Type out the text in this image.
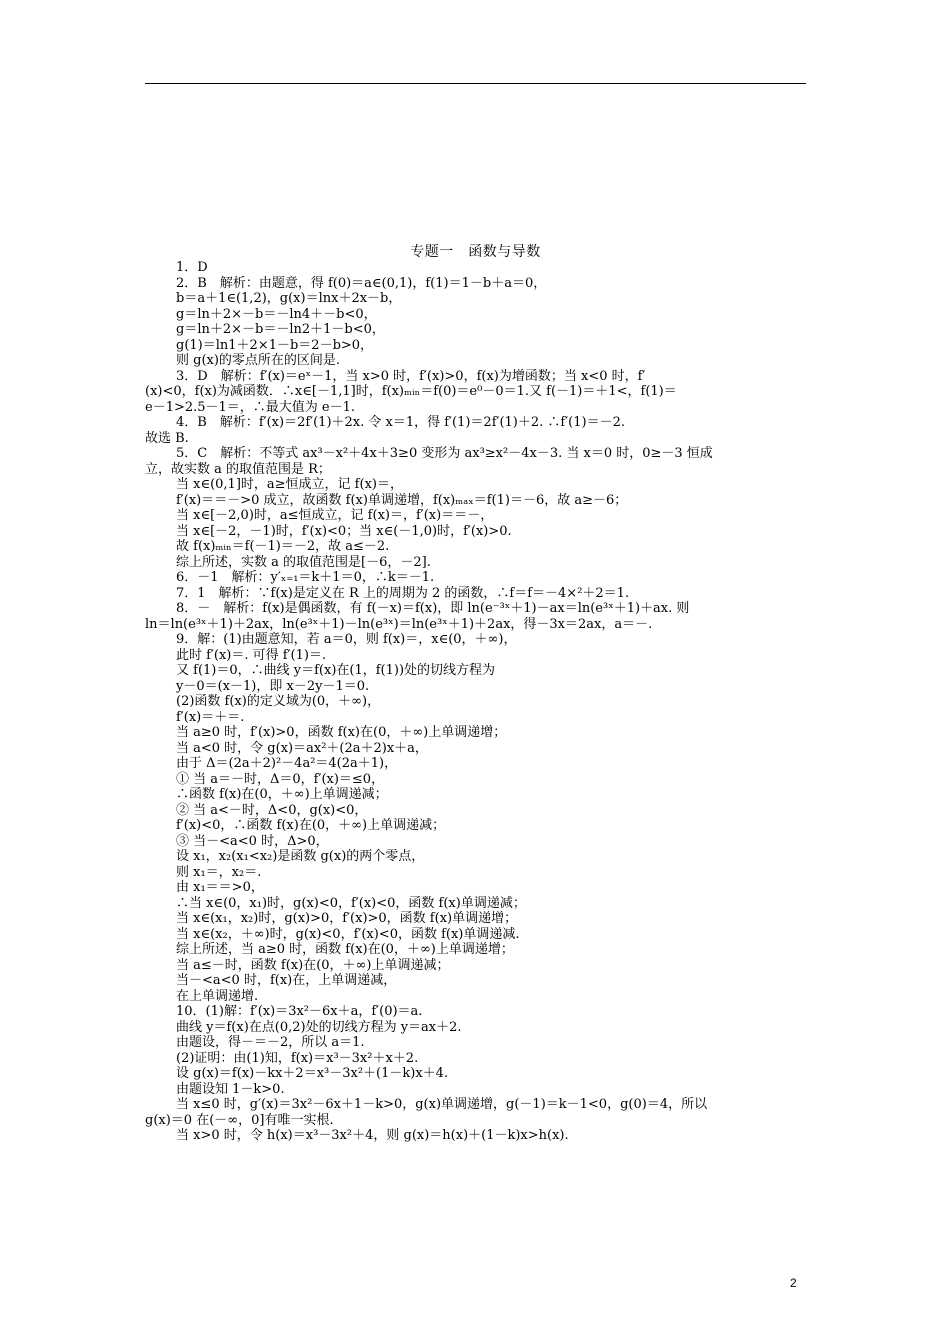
专题一　函数与导数

1．D

2．B　解析：由题意，得 f(0)＝a∈(0,1)，f(1)＝1－b＋a＝0，

b＝a＋1∈(1,2)，g(x)＝lnx＋2x－b，

g＝ln＋2×－b＝－ln4＋－b<0，

g＝ln＋2×－b＝－ln2＋1－b<0，

g(1)＝ln1＋2×1－b＝2－b>0，

则 g(x)的零点所在的区间是.

3．D　解析：f′(x)＝eˣ－1，当 x>0 时，f′(x)>0，f(x)为增函数；当 x<0 时，f′

(x)<0，f(x)为减函数．∴x∈[－1,1]时，f(x)ₘᵢₙ＝f(0)＝e⁰－0＝1.又 f(－1)＝＋1<，f(1)＝

e－1>2.5－1＝，∴最大值为 e－1.

4．B　解析：f′(x)＝2f′(1)＋2x. 令 x＝1，得 f′(1)＝2f′(1)＋2. ∴f′(1)＝－2.

故选 B.

5．C　解析：不等式 ax³－x²＋4x＋3≥0 变形为 ax³≥x²－4x－3. 当 x＝0 时，0≥－3 恒成

立，故实数 a 的取值范围是 R；

当 x∈(0,1]时，a≥恒成立，记 f(x)＝，

f′(x)＝＝－>0 成立，故函数 f(x)单调递增，f(x)ₘₐₓ＝f(1)＝－6，故 a≥－6；

当 x∈[－2,0)时，a≤恒成立，记 f(x)＝，f′(x)＝＝－，

当 x∈[－2，－1)时，f′(x)<0；当 x∈(－1,0)时，f′(x)>0.

故 f(x)ₘᵢₙ＝f(－1)＝－2，故 a≤－2.

综上所述，实数 a 的取值范围是[－6，－2].

6．－1　解析：y′ₓ₌₁＝k＋1＝0，∴k＝－1.

7．1　解析：∵f(x)是定义在 R 上的周期为 2 的函数，∴f＝f＝－4×²＋2＝1.

8．－　解析：f(x)是偶函数，有 f(－x)＝f(x)，即 ln(e⁻³ˣ＋1)－ax＝ln(e³ˣ＋1)＋ax. 则

ln＝ln(e³ˣ＋1)＋2ax，ln(e³ˣ＋1)－ln(e³ˣ)＝ln(e³ˣ＋1)＋2ax，得－3x＝2ax，a＝－.

9．解：(1)由题意知，若 a＝0，则 f(x)＝，x∈(0，＋∞)，

此时 f′(x)＝. 可得 f′(1)＝.

又 f(1)＝0，∴曲线 y＝f(x)在(1，f(1))处的切线方程为

y－0＝(x－1)，即 x－2y－1＝0.

(2)函数 f(x)的定义域为(0，＋∞)，

f′(x)＝＋＝.

当 a≥0 时，f′(x)>0，函数 f(x)在(0，＋∞)上单调递增；

当 a<0 时，令 g(x)＝ax²＋(2a＋2)x＋a，

由于 Δ＝(2a＋2)²－4a²＝4(2a＋1)，

① 当 a＝－时，Δ＝0，f′(x)＝≤0，

∴函数 f(x)在(0，＋∞)上单调递减；

② 当 a<－时，Δ<0，g(x)<0，

f′(x)<0，∴函数 f(x)在(0，＋∞)上单调递减；

③ 当－<a<0 时，Δ>0，

设 x₁，x₂(x₁<x₂)是函数 g(x)的两个零点，

则 x₁＝，x₂＝.

由 x₁＝＝>0，

∴当 x∈(0，x₁)时，g(x)<0，f′(x)<0，函数 f(x)单调递减；

当 x∈(x₁，x₂)时，g(x)>0，f′(x)>0，函数 f(x)单调递增；

当 x∈(x₂，＋∞)时，g(x)<0，f′(x)<0，函数 f(x)单调递减.

综上所述，当 a≥0 时，函数 f(x)在(0，＋∞)上单调递增；

当 a≤－时，函数 f(x)在(0，＋∞)上单调递减；

当－<a<0 时，f(x)在，上单调递减，

在上单调递增.

10．(1)解：f′(x)＝3x²－6x＋a，f′(0)＝a.

曲线 y＝f(x)在点(0,2)处的切线方程为 y＝ax＋2.

由题设，得－＝－2，所以 a＝1.

(2)证明：由(1)知，f(x)＝x³－3x²＋x＋2.

设 g(x)＝f(x)－kx＋2＝x³－3x²＋(1－k)x＋4.

由题设知 1－k>0.

当 x≤0 时，g′(x)＝3x²－6x＋1－k>0，g(x)单调递增，g(－1)＝k－1<0，g(0)＝4，所以

g(x)＝0 在(－∞，0]有唯一实根.

当 x>0 时，令 h(x)＝x³－3x²＋4，则 g(x)＝h(x)＋(1－k)x>h(x).

2
